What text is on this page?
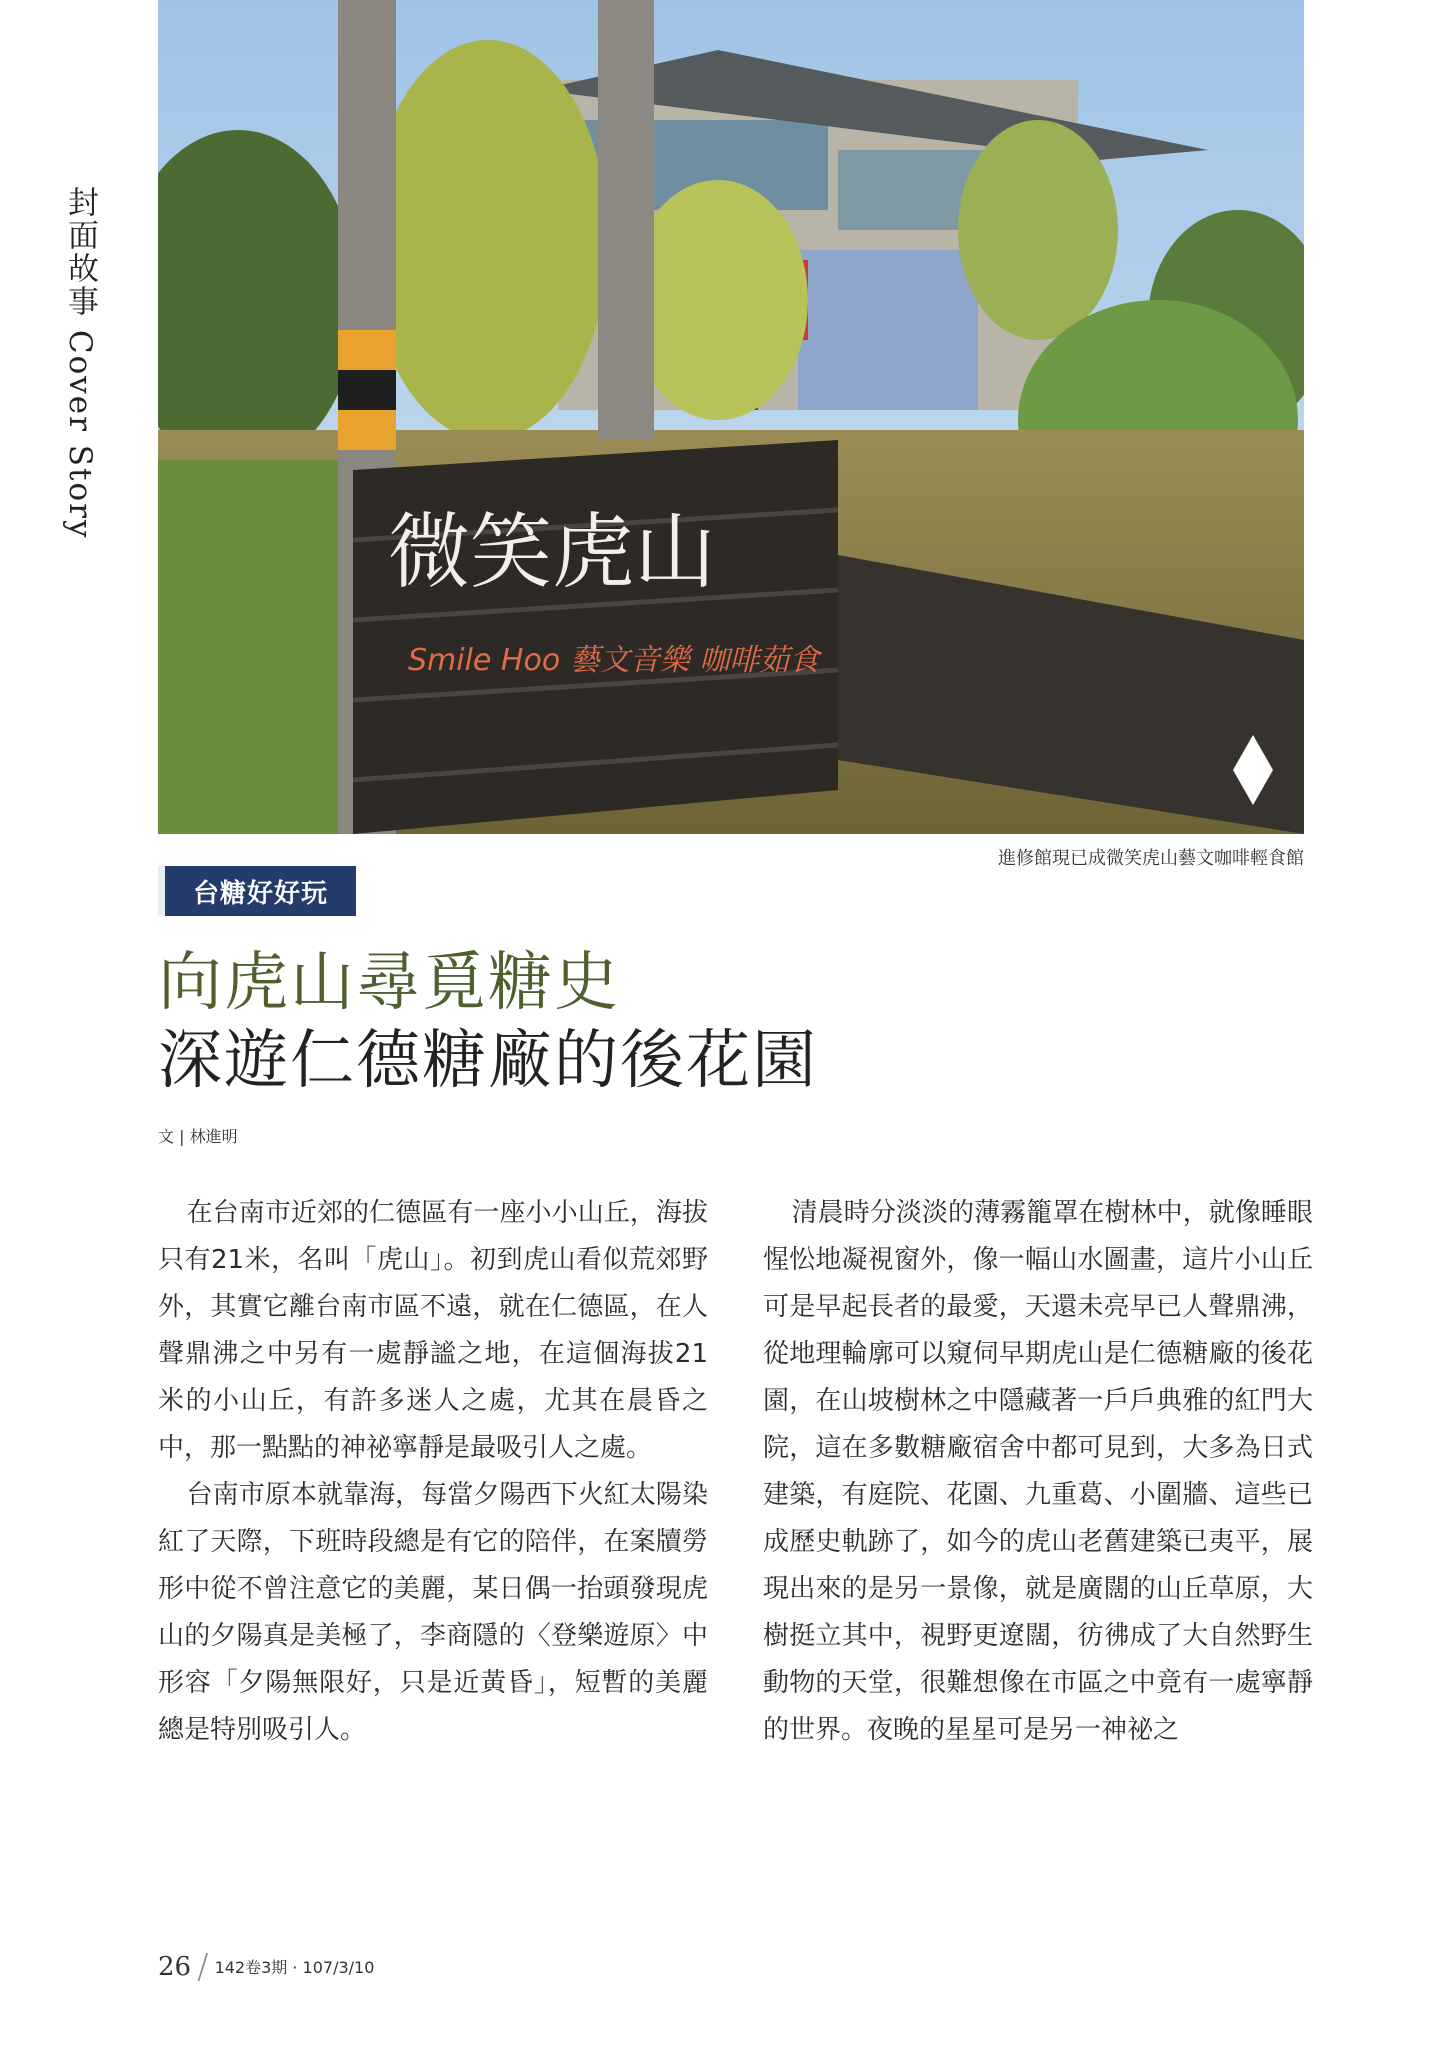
封面故事 Cover Story
微笑虎山
Smile Hoo 藝文音樂 咖啡茹食
進修館現已成微笑虎山藝文咖啡輕食館
台糖好好玩
向虎山尋覓糖史
深遊仁德糖廠的後花園
文 | 林進明

在台南市近郊的仁德區有一座小小山丘，海拔只有21米，名叫「虎山」。初到虎山看似荒郊野外，其實它離台南市區不遠，就在仁德區，在人聲鼎沸之中另有一處靜謐之地，在這個海拔21米的小山丘，有許多迷人之處，尤其在晨昏之中，那一點點的神祕寧靜是最吸引人之處。

台南市原本就靠海，每當夕陽西下火紅太陽染紅了天際，下班時段總是有它的陪伴，在案牘勞形中從不曾注意它的美麗，某日偶一抬頭發現虎山的夕陽真是美極了，李商隱的〈登樂遊原〉中形容「夕陽無限好，只是近黃昏」，短暫的美麗總是特別吸引人。

清晨時分淡淡的薄霧籠罩在樹林中，就像睡眼惺忪地凝視窗外，像一幅山水圖畫，這片小山丘可是早起長者的最愛，天還未亮早已人聲鼎沸，從地理輪廓可以窺伺早期虎山是仁德糖廠的後花園，在山坡樹林之中隱藏著一戶戶典雅的紅門大院，這在多數糖廠宿舍中都可見到，大多為日式建築，有庭院、花園、九重葛、小圍牆、這些已成歷史軌跡了，如今的虎山老舊建築已夷平，展現出來的是另一景像，就是廣闊的山丘草原，大樹挺立其中，視野更遼闊，彷彿成了大自然野生動物的天堂，很難想像在市區之中竟有一處寧靜的世界。夜晚的星星可是另一神祕之

26 / 142卷3期 · 107/3/10
